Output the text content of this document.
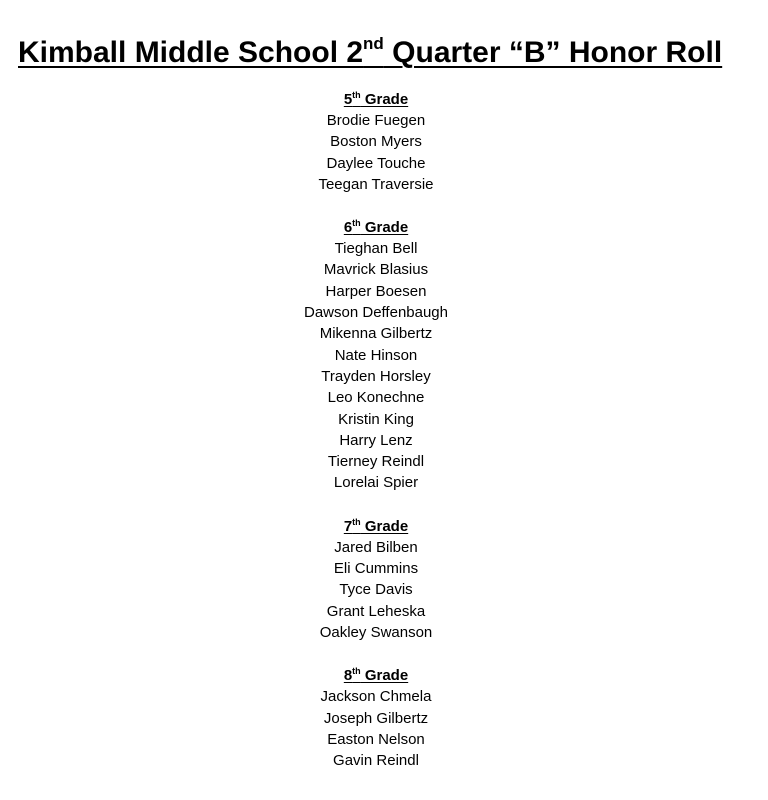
Kimball Middle School 2nd Quarter “B” Honor Roll
5th Grade
Brodie Fuegen
Boston Myers
Daylee Touche
Teegan Traversie
6th Grade
Tieghan Bell
Mavrick Blasius
Harper Boesen
Dawson Deffenbaugh
Mikenna Gilbertz
Nate Hinson
Trayden Horsley
Leo Konechne
Kristin King
Harry Lenz
Tierney Reindl
Lorelai Spier
7th Grade
Jared Bilben
Eli Cummins
Tyce Davis
Grant Leheska
Oakley Swanson
8th Grade
Jackson Chmela
Joseph Gilbertz
Easton Nelson
Gavin Reindl
